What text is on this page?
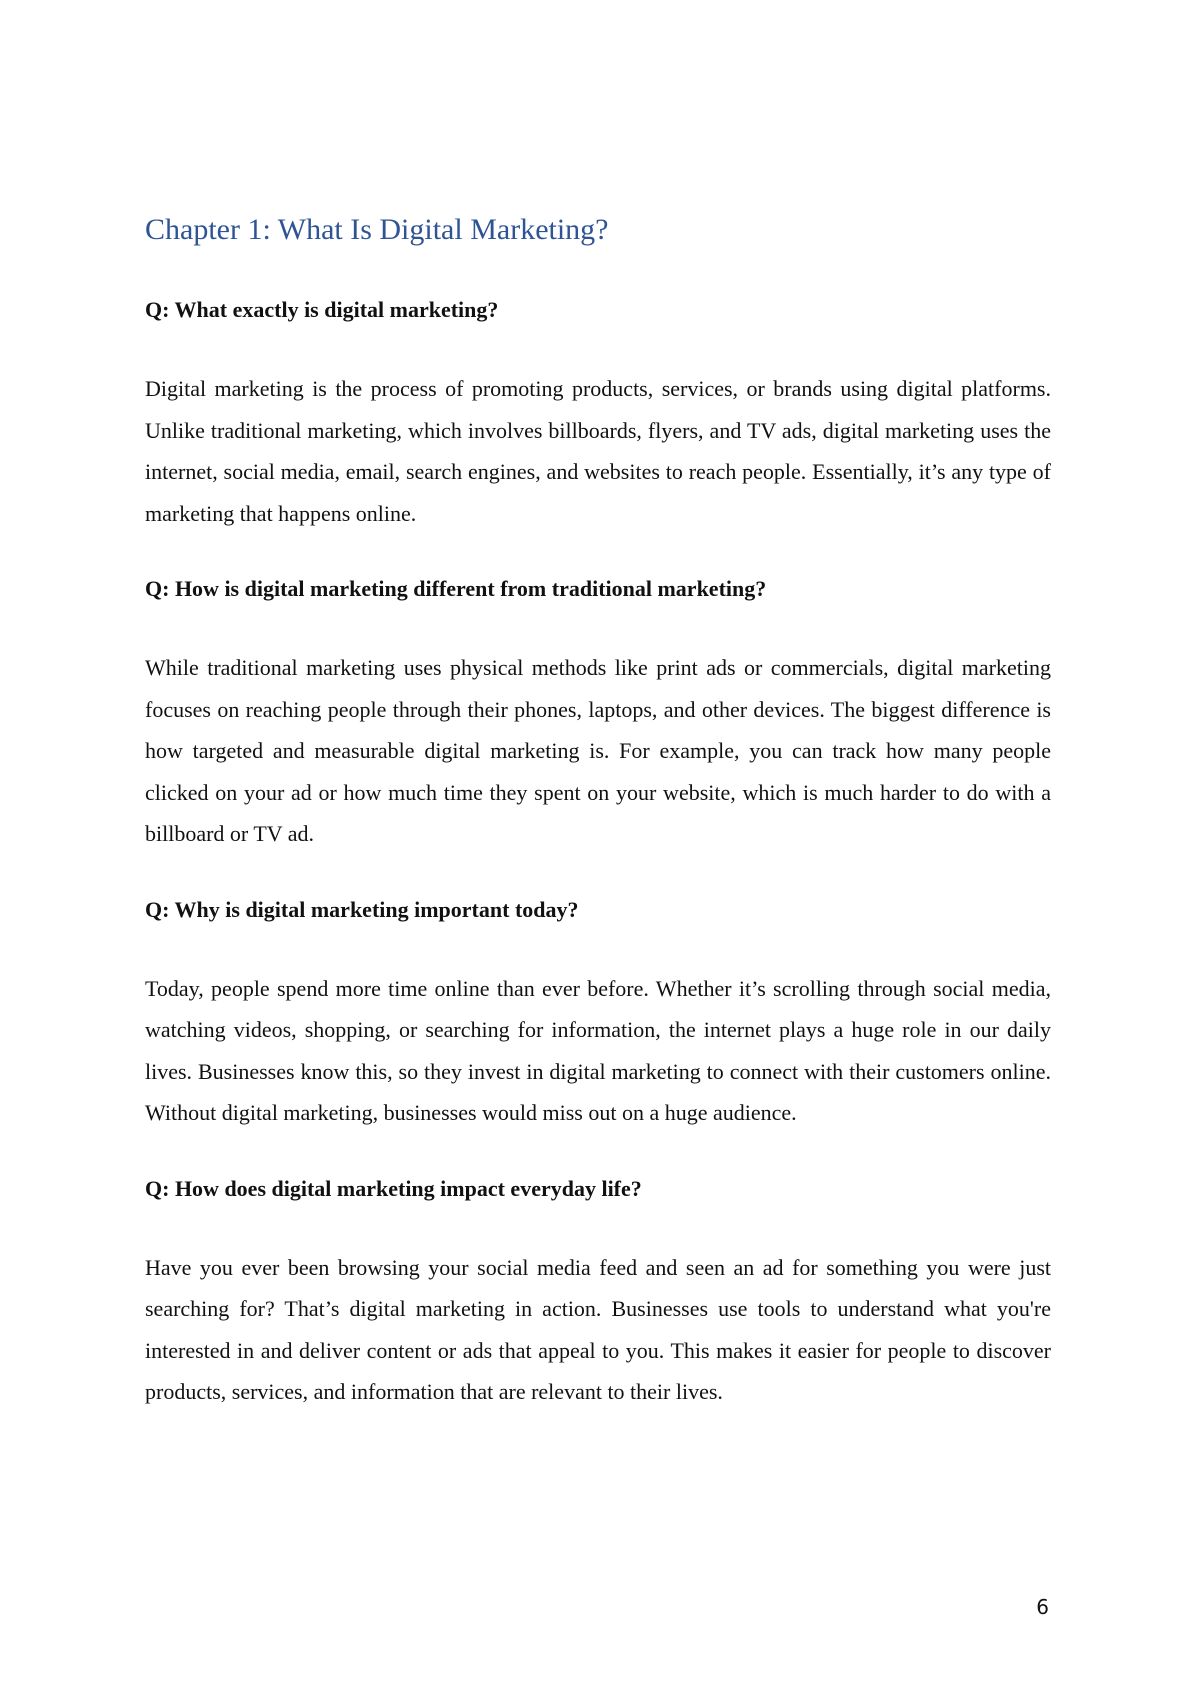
Chapter 1: What Is Digital Marketing?

Q: What exactly is digital marketing?

Digital marketing is the process of promoting products, services, or brands using digital platforms. Unlike traditional marketing, which involves billboards, flyers, and TV ads, digital marketing uses the internet, social media, email, search engines, and websites to reach people. Essentially, it’s any type of marketing that happens online.

Q: How is digital marketing different from traditional marketing?

While traditional marketing uses physical methods like print ads or commercials, digital marketing focuses on reaching people through their phones, laptops, and other devices. The biggest difference is how targeted and measurable digital marketing is. For example, you can track how many people clicked on your ad or how much time they spent on your website, which is much harder to do with a billboard or TV ad.

Q: Why is digital marketing important today?

Today, people spend more time online than ever before. Whether it’s scrolling through social media, watching videos, shopping, or searching for information, the internet plays a huge role in our daily lives. Businesses know this, so they invest in digital marketing to connect with their customers online. Without digital marketing, businesses would miss out on a huge audience.

Q: How does digital marketing impact everyday life?

Have you ever been browsing your social media feed and seen an ad for something you were just searching for? That’s digital marketing in action. Businesses use tools to understand what you're interested in and deliver content or ads that appeal to you. This makes it easier for people to discover products, services, and information that are relevant to their lives.

6
